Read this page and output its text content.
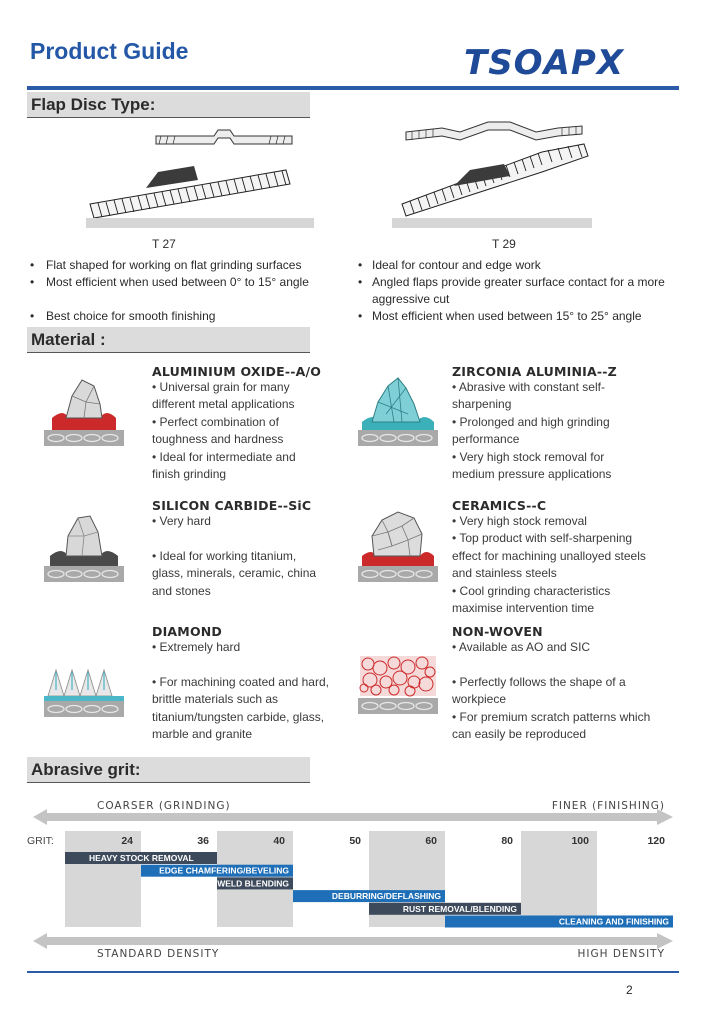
Product Guide	TSOAPX
Flap Disc Type:
T 27	T 29
• Flat shaped for working on flat grinding surfaces
• Most efficient when used between 0° to 15° angle
• Best choice for smooth finishing
• Ideal for contour and edge work
• Angled flaps provide greater surface contact for a more aggressive cut
• Most efficient when used between 15° to 25° angle
Material :
ALUMINIUM OXIDE--A/O
• Universal grain for many
different metal applications
• Perfect combination of
toughness and hardness
• Ideal for intermediate and
finish grinding
ZIRCONIA ALUMINIA--Z
• Abrasive with constant self-
sharpening
• Prolonged and high grinding
performance
• Very high stock removal for
medium pressure applications
SILICON CARBIDE--SiC
• Very hard
• Ideal for working titanium,
glass, minerals, ceramic, china
and stones
CERAMICS--C
• Very high stock removal
• Top product with self-sharpening
effect for machining unalloyed steels
and stainless steels
• Cool grinding characteristics
maximise intervention time
DIAMOND
• Extremely hard
• For machining coated and hard,
brittle materials such as
titanium/tungsten carbide, glass,
marble and granite
NON-WOVEN
• Available as AO and SIC
• Perfectly follows the shape of a
workpiece
• For premium scratch patterns which
can easily be reproduced
Abrasive grit:
COARSER (GRINDING)	FINER (FINISHING)
GRIT:	24	36	40	50	60	80	100	120
HEAVY STOCK REMOVAL
EDGE CHAMFERING/BEVELING
WELD BLENDING
DEBURRING/DEFLASHING
RUST REMOVAL/BLENDING
CLEANING AND FINISHING
STANDARD DENSITY	HIGH DENSITY
2
